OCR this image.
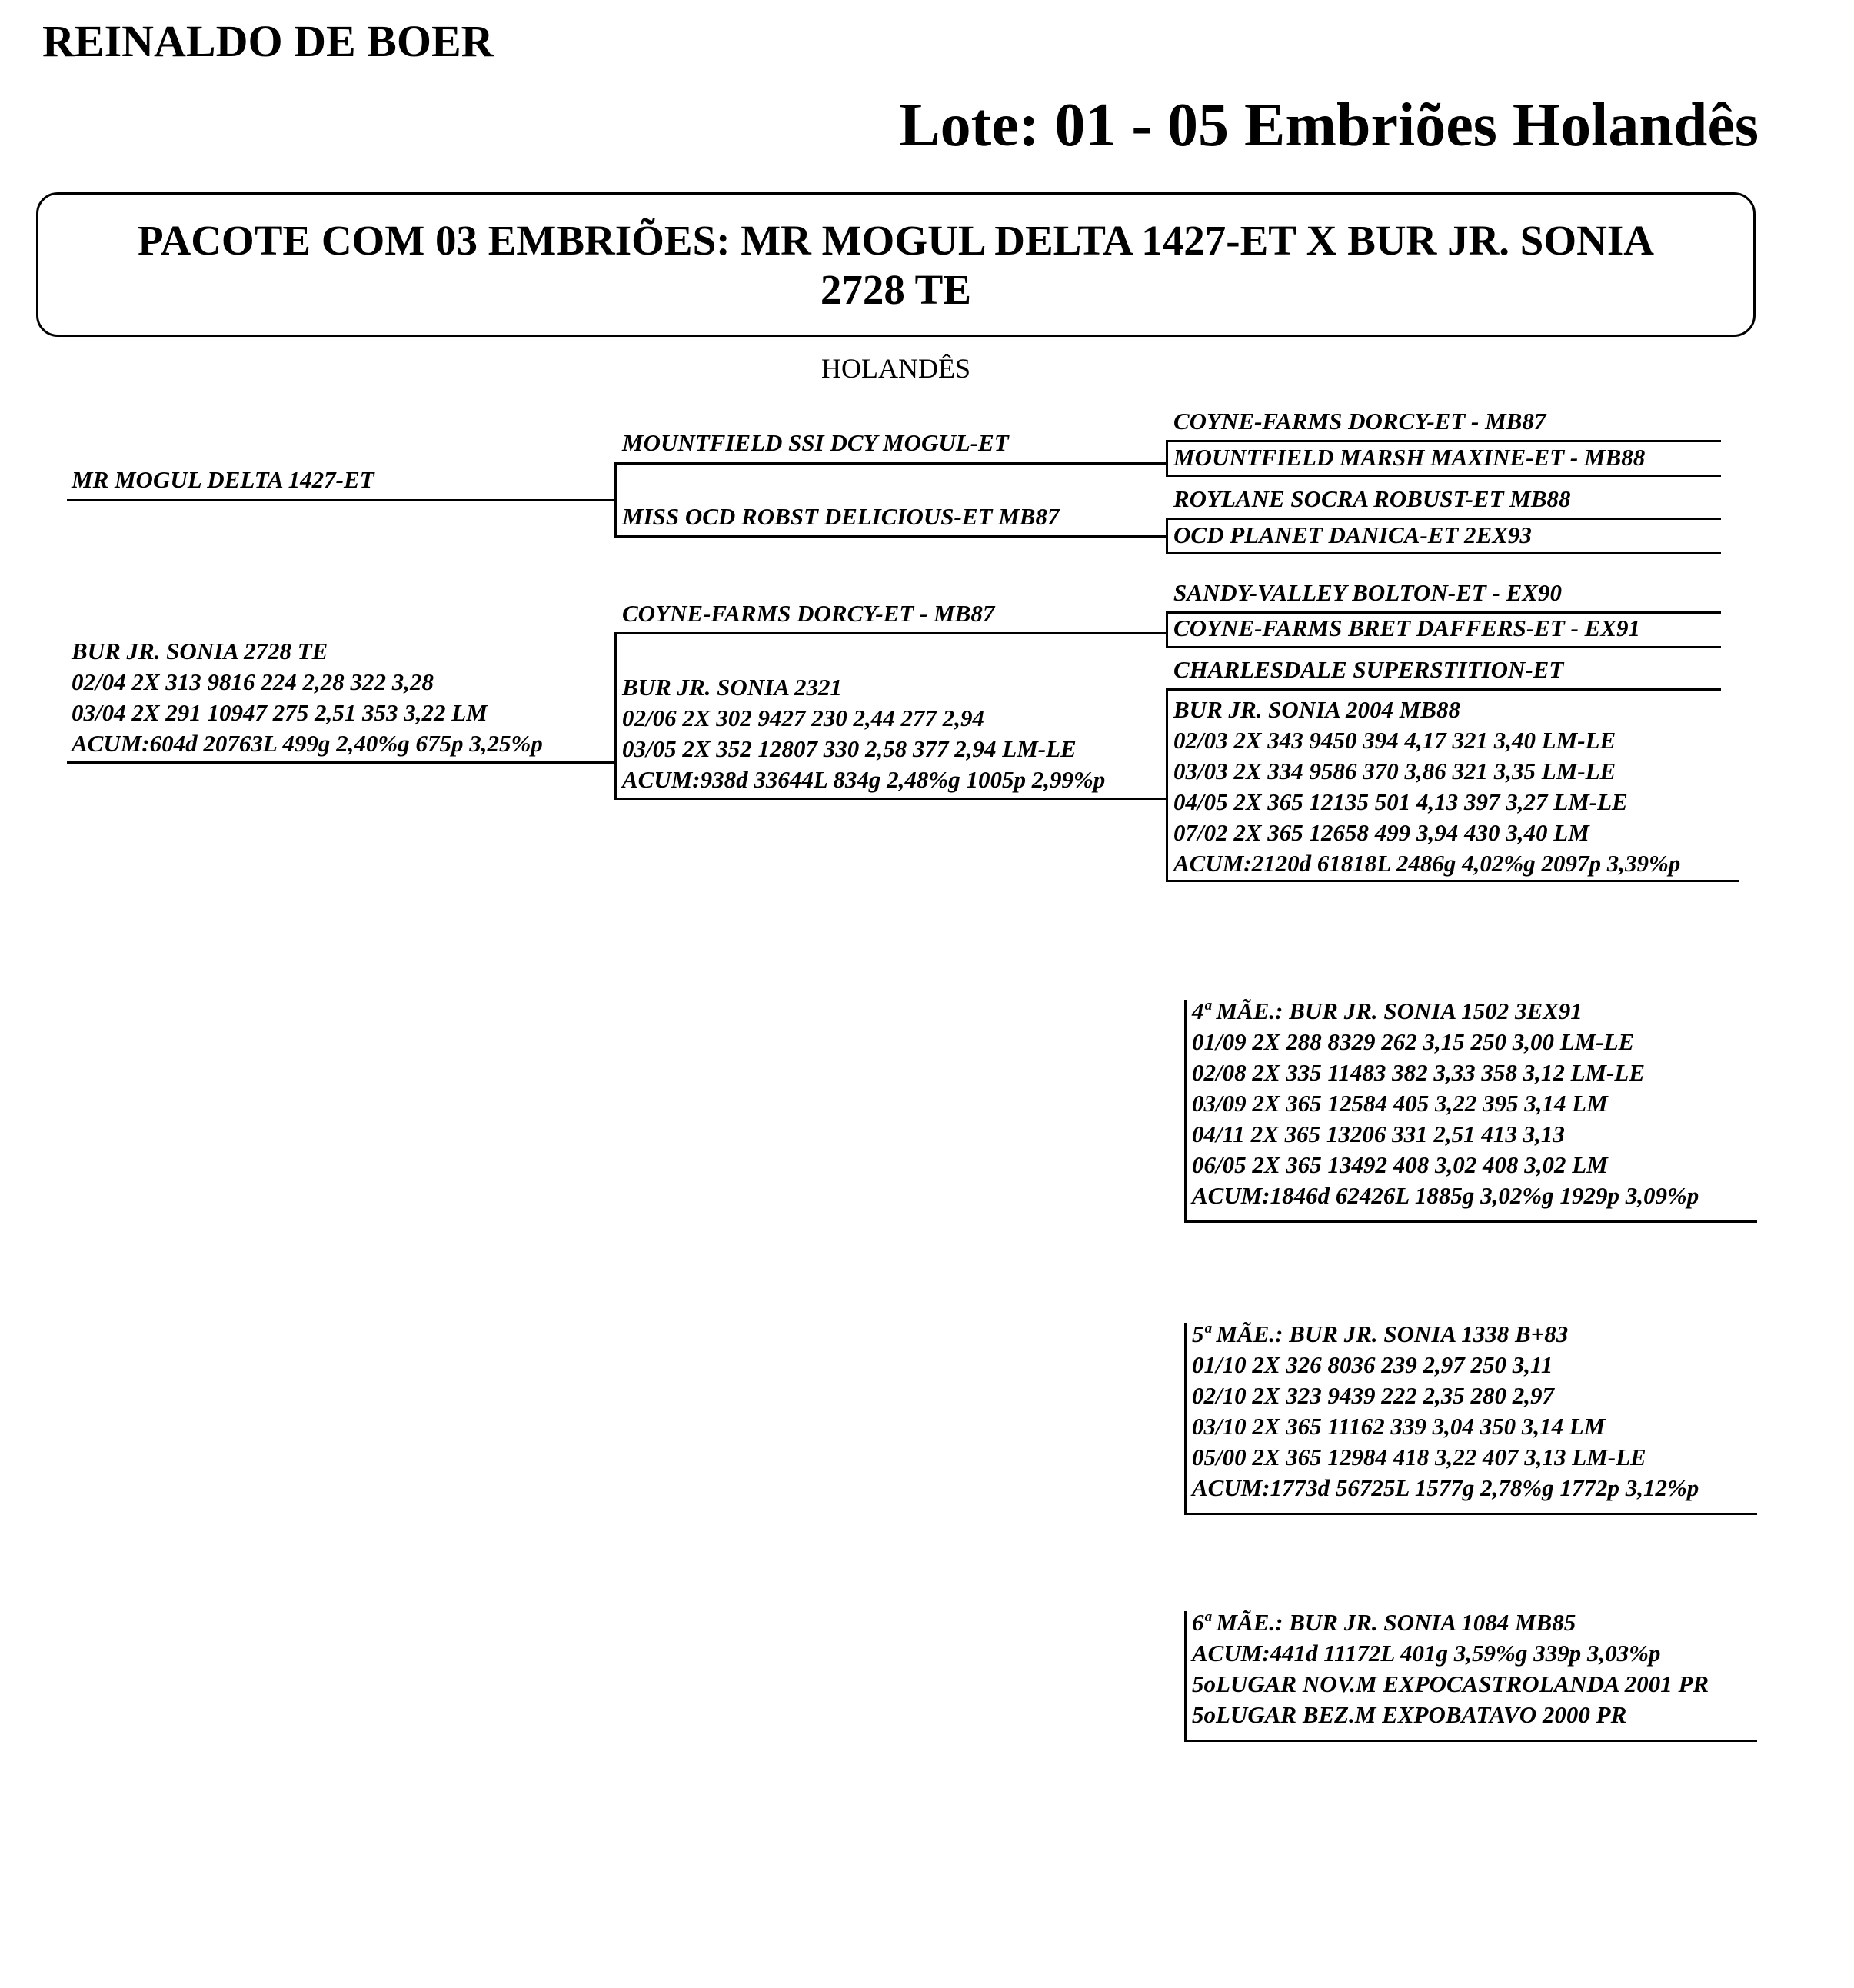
REINALDO DE BOER
Lote: 01 - 05 Embriões Holandês
PACOTE COM 03 EMBRIÕES: MR MOGUL DELTA 1427-ET X BUR JR. SONIA
2728 TE
HOLANDÊS
MR MOGUL DELTA 1427-ET
MOUNTFIELD SSI DCY MOGUL-ET
MISS OCD ROBST DELICIOUS-ET MB87
COYNE-FARMS DORCY-ET - MB87
MOUNTFIELD MARSH MAXINE-ET - MB88
ROYLANE SOCRA ROBUST-ET MB88
OCD PLANET DANICA-ET 2EX93
BUR JR. SONIA 2728 TE
02/04 2X 313 9816 224 2,28 322 3,28
03/04 2X 291 10947 275 2,51 353 3,22 LM
ACUM:604d 20763L 499g 2,40%g 675p 3,25%p
COYNE-FARMS DORCY-ET - MB87
BUR JR. SONIA 2321
02/06 2X 302 9427 230 2,44 277 2,94
03/05 2X 352 12807 330 2,58 377 2,94 LM-LE
ACUM:938d 33644L 834g 2,48%g 1005p 2,99%p
SANDY-VALLEY BOLTON-ET - EX90
COYNE-FARMS BRET DAFFERS-ET - EX91
CHARLESDALE SUPERSTITION-ET
BUR JR. SONIA 2004 MB88
02/03 2X 343 9450 394 4,17 321 3,40 LM-LE
03/03 2X 334 9586 370 3,86 321 3,35 LM-LE
04/05 2X 365 12135 501 4,13 397 3,27 LM-LE
07/02 2X 365 12658 499 3,94 430 3,40 LM
ACUM:2120d 61818L 2486g 4,02%g 2097p 3,39%p
4ª MÃE.: BUR JR. SONIA 1502 3EX91
01/09 2X 288 8329 262 3,15 250 3,00 LM-LE
02/08 2X 335 11483 382 3,33 358 3,12 LM-LE
03/09 2X 365 12584 405 3,22 395 3,14 LM
04/11 2X 365 13206 331 2,51 413 3,13
06/05 2X 365 13492 408 3,02 408 3,02 LM
ACUM:1846d 62426L 1885g 3,02%g 1929p 3,09%p
5ª MÃE.: BUR JR. SONIA 1338 B+83
01/10 2X 326 8036 239 2,97 250 3,11
02/10 2X 323 9439 222 2,35 280 2,97
03/10 2X 365 11162 339 3,04 350 3,14 LM
05/00 2X 365 12984 418 3,22 407 3,13 LM-LE
ACUM:1773d 56725L 1577g 2,78%g 1772p 3,12%p
6ª MÃE.: BUR JR. SONIA 1084 MB85
ACUM:441d 11172L 401g 3,59%g 339p 3,03%p
5oLUGAR NOV.M EXPOCASTROLANDA 2001 PR
5oLUGAR BEZ.M EXPOBATAVO 2000 PR
